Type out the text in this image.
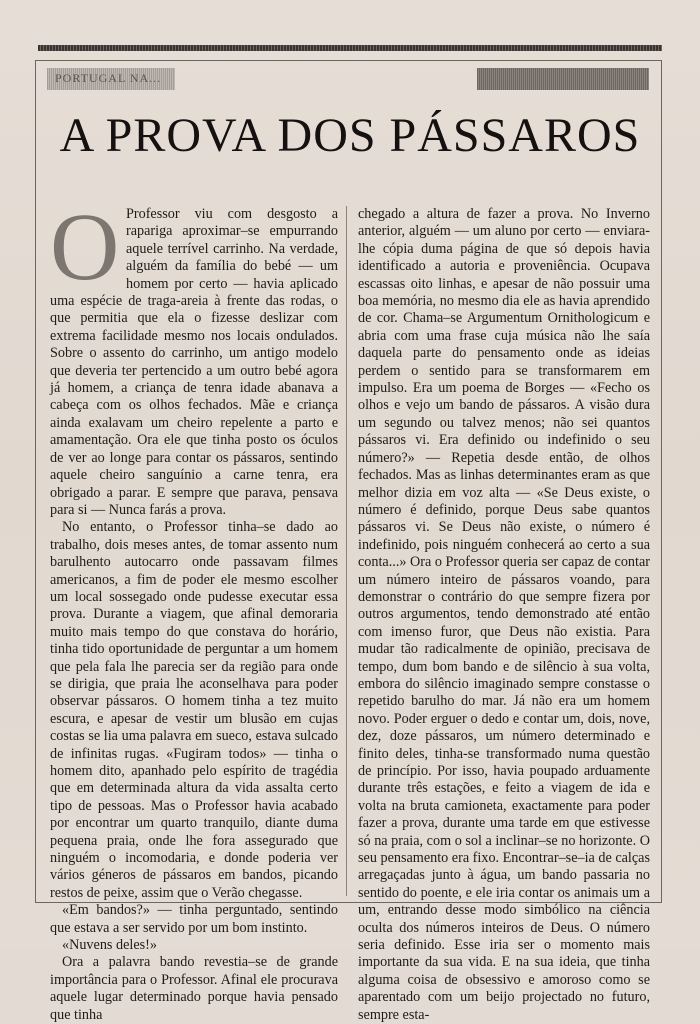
PORTUGAL NA...
A PROVA DOS PÁSSAROS

O Professor viu com desgosto a rapariga aproximar–se empurrando aquele terrível carrinho. Na verdade, alguém da família do bebé — um homem por certo — havia aplicado uma espécie de traga-areia à frente das rodas, o que permitia que ela o fizesse deslizar com extrema facilidade mesmo nos locais ondulados. Sobre o assento do carrinho, um antigo modelo que deveria ter pertencido a um outro bebé agora já homem, a criança de tenra idade abanava a cabeça com os olhos fechados. Mãe e criança ainda exalavam um cheiro repelente a parto e amamentação. Ora ele que tinha posto os óculos de ver ao longe para contar os pássaros, sentindo aquele cheiro sanguínio a carne tenra, era obrigado a parar. E sempre que parava, pensava para si — Nunca farás a prova.

No entanto, o Professor tinha–se dado ao trabalho, dois meses antes, de tomar assento num barulhento autocarro onde passavam filmes americanos, a fim de poder ele mesmo escolher um local sossegado onde pudesse executar essa prova. Durante a viagem, que afinal demoraria muito mais tempo do que constava do horário, tinha tido oportunidade de perguntar a um homem que pela fala lhe parecia ser da região para onde se dirigia, que praia lhe aconselhava para poder observar pássaros. O homem tinha a tez muito escura, e apesar de vestir um blusão em cujas costas se lia uma palavra em sueco, estava sulcado de infinitas rugas. «Fugiram todos» — tinha o homem dito, apanhado pelo espírito de tragédia que em determinada altura da vida assalta certo tipo de pessoas. Mas o Professor havia acabado por encontrar um quarto tranquilo, diante duma pequena praia, onde lhe fora assegurado que ninguém o incomodaria, e donde poderia ver vários géneros de pássaros em bandos, picando restos de peixe, assim que o Verão chegasse.

«Em bandos?» — tinha perguntado, sentindo que estava a ser servido por um bom instinto.

«Nuvens deles!»

Ora a palavra bando revestia–se de grande importância para o Professor. Afinal ele procurava aquele lugar determinado porque havia pensado que tinha

chegado a altura de fazer a prova. No Inverno anterior, alguém — um aluno por certo — enviara-lhe cópia duma página de que só depois havia identificado a autoria e proveniência. Ocupava escassas oito linhas, e apesar de não possuir uma boa memória, no mesmo dia ele as havia aprendido de cor. Chama–se Argumentum Ornithologicum e abria com uma frase cuja música não lhe saía daquela parte do pensamento onde as ideias perdem o sentido para se transformarem em impulso. Era um poema de Borges — «Fecho os olhos e vejo um bando de pássaros. A visão dura um segundo ou talvez menos; não sei quantos pássaros vi. Era definido ou indefinido o seu número?» — Repetia desde então, de olhos fechados. Mas as linhas determinantes eram as que melhor dizia em voz alta — «Se Deus existe, o número é definido, porque Deus sabe quantos pássaros vi. Se Deus não existe, o número é indefinido, pois ninguém conhecerá ao certo a sua conta...» Ora o Professor queria ser capaz de contar um número inteiro de pássaros voando, para demonstrar o contrário do que sempre fizera por outros argumentos, tendo demonstrado até então com imenso furor, que Deus não existia. Para mudar tão radicalmente de opinião, precisava de tempo, dum bom bando e de silêncio à sua volta, embora do silêncio imaginado sempre constasse o repetido barulho do mar. Já não era um homem novo. Poder erguer o dedo e contar um, dois, nove, dez, doze pássaros, um número determinado e finito deles, tinha-se transformado numa questão de princípio. Por isso, havia poupado arduamente durante três estações, e feito a viagem de ida e volta na bruta camioneta, exactamente para poder fazer a prova, durante uma tarde em que estivesse só na praia, com o sol a inclinar–se no horizonte. O seu pensamento era fixo. Encontrar–se–ia de calças arregaçadas junto à água, um bando passaria no sentido do poente, e ele iria contar os animais um a um, entrando desse modo simbólico na ciência oculta dos números inteiros de Deus. O número seria definido. Esse iria ser o momento mais importante da sua vida. E na sua ideia, que tinha alguma coisa de obsessivo e amoroso como se aparentado com um beijo projectado no futuro, sempre esta-
